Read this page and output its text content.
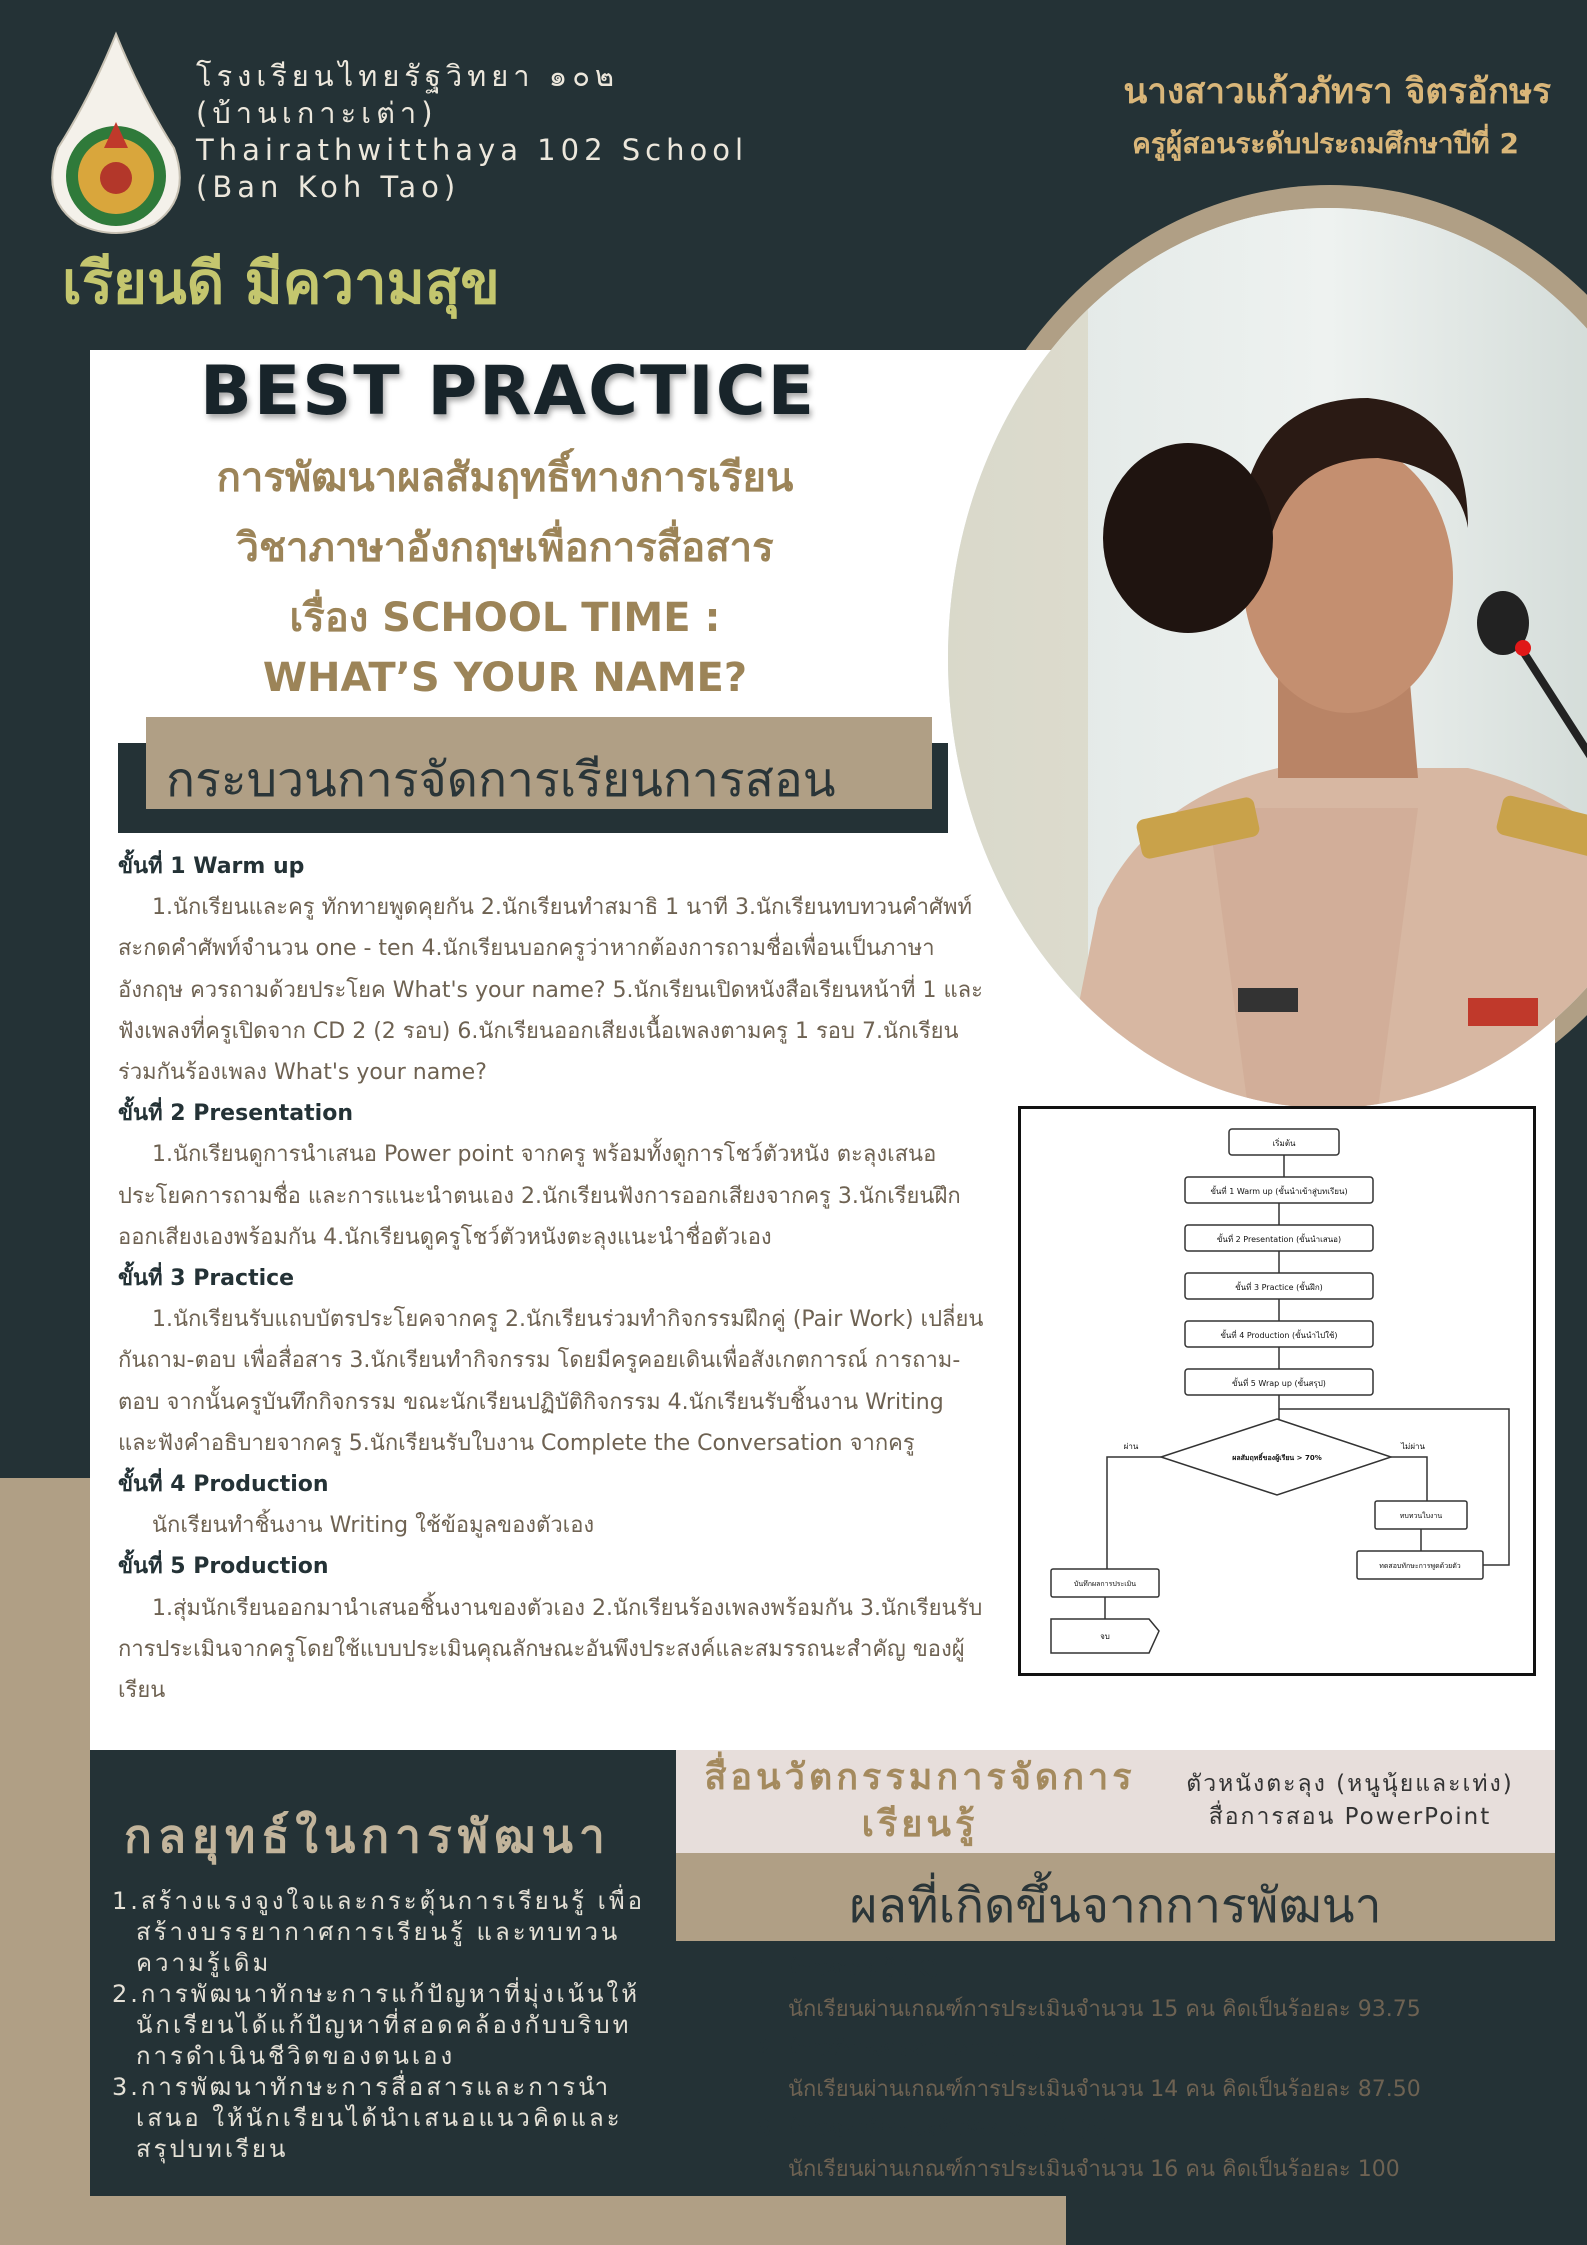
โรงเรียนไทยรัฐวิทยา ๑๐๒
(บ้านเกาะเต่า)
Thairathwitthaya 102 School
(Ban Koh Tao)
เรียนดี มีความสุข
นางสาวแก้วภัทรา จิตรอักษร
ครูผู้สอนระดับประถมศึกษาปีที่ 2
BEST PRACTICE
การพัฒนาผลสัมฤทธิ์ทางการเรียน
วิชาภาษาอังกฤษเพื่อการสื่อสาร
เรื่อง SCHOOL TIME :
WHAT’S YOUR NAME?
กระบวนการจัดการเรียนการสอน
ขั้นที่ 1 Warm up
1.นักเรียนและครู ทักทายพูดคุยกัน 2.นักเรียนทำสมาธิ 1 นาที 3.นักเรียนทบทวนคำศัพท์ สะกดคำศัพท์จำนวน one - ten 4.นักเรียนบอกครูว่าหากต้องการถามชื่อเพื่อนเป็นภาษาอังกฤษ ควรถามด้วยประโยค What's your name? 5.นักเรียนเปิดหนังสือเรียนหน้าที่ 1 และฟังเพลงที่ครูเปิดจาก CD 2 (2 รอบ) 6.นักเรียนออกเสียงเนื้อเพลงตามครู 1 รอบ 7.นักเรียนร่วมกันร้องเพลง What's your name?
ขั้นที่ 2 Presentation
1.นักเรียนดูการนำเสนอ Power point จากครู พร้อมทั้งดูการโชว์ตัวหนัง ตะลุงเสนอประโยคการถามชื่อ และการแนะนำตนเอง 2.นักเรียนฟังการออกเสียงจากครู 3.นักเรียนฝึกออกเสียงเองพร้อมกัน 4.นักเรียนดูครูโชว์ตัวหนังตะลุงแนะนำชื่อตัวเอง
ขั้นที่ 3 Practice
1.นักเรียนรับแถบบัตรประโยคจากครู 2.นักเรียนร่วมทำกิจกรรมฝึกคู่ (Pair Work) เปลี่ยนกันถาม-ตอบ เพื่อสื่อสาร 3.นักเรียนทำกิจกรรม โดยมีครูคอยเดินเพื่อสังเกตการณ์ การถาม-ตอบ จากนั้นครูบันทึกกิจกรรม ขณะนักเรียนปฏิบัติกิจกรรม 4.นักเรียนรับชิ้นงาน Writing และฟังคำอธิบายจากครู 5.นักเรียนรับใบงาน Complete the Conversation จากครู
ขั้นที่ 4 Production
นักเรียนทำชิ้นงาน Writing ใช้ข้อมูลของตัวเอง
ขั้นที่ 5 Production
1.สุ่มนักเรียนออกมานำเสนอชิ้นงานของตัวเอง 2.นักเรียนร้องเพลงพร้อมกัน 3.นักเรียนรับการประเมินจากครูโดยใช้แบบประเมินคุณลักษณะอันพึงประสงค์และสมรรถนะสำคัญ ของผู้เรียน
เริ่มต้น
ขั้นที่ 1 Warm up (ขั้นนำเข้าสู่บทเรียน)
ขั้นที่ 2 Presentation (ขั้นนำเสนอ)
ขั้นที่ 3 Practice (ขั้นฝึก)
ขั้นที่ 4 Production (ขั้นนำไปใช้)
ขั้นที่ 5 Wrap up (ขั้นสรุป)
ผลสัมฤทธิ์ของผู้เรียน > 70%
ผ่าน	ไม่ผ่าน
ทบทวนใบงาน
ทดสอบทักษะการพูดด้วยตัว
บันทึกผลการประเมิน
จบ
กลยุทธ์ในการพัฒนา
1.สร้างแรงจูงใจและกระตุ้นการเรียนรู้ เพื่อสร้างบรรยากาศการเรียนรู้ และทบทวน ความรู้เดิม
2.การพัฒนาทักษะการแก้ปัญหาที่มุ่งเน้นให้ นักเรียนได้แก้ปัญหาที่สอดคล้องกับบริบท การดำเนินชีวิตของตนเอง
3.การพัฒนาทักษะการสื่อสารและการนำ เสนอ ให้นักเรียนได้นำเสนอแนวคิดและ สรุปบทเรียน
สื่อนวัตกรรมการจัดการเรียนรู้
ตัวหนังตะลุง (หนูนุ้ยและเท่ง)
สื่อการสอน PowerPoint
ผลที่เกิดขึ้นจากการพัฒนา
1. ด้านความรู้ (K)
นักเรียนผ่านเกณฑ์การประเมินจำนวน 15 คน คิดเป็นร้อยละ 93.75
2. ด้านทักษะกระบวนการ (P)
นักเรียนผ่านเกณฑ์การประเมินจำนวน 14 คน คิดเป็นร้อยละ 87.50
3. ด้านคุณลักษณะอันพึงประสงค์ (A)
นักเรียนผ่านเกณฑ์การประเมินจำนวน 16 คน คิดเป็นร้อยละ 100
